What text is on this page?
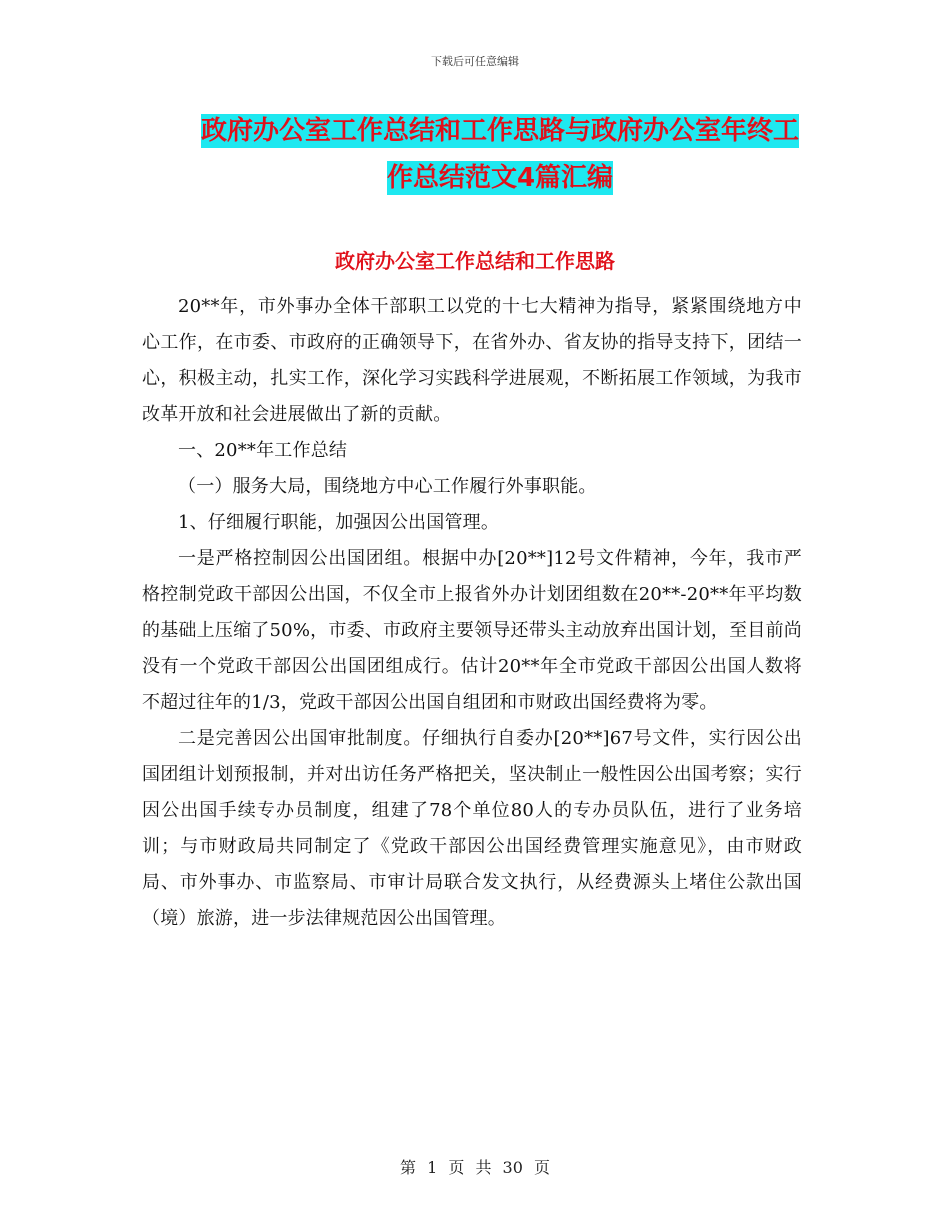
下载后可任意编辑
政府办公室工作总结和工作思路与政府办公室年终工
作总结范文4篇汇编
政府办公室工作总结和工作思路

20**年，市外事办全体干部职工以党的十七大精神为指导，紧紧围绕地方中心工作，在市委、市政府的正确领导下，在省外办、省友协的指导支持下，团结一心，积极主动，扎实工作，深化学习实践科学进展观，不断拓展工作领域，为我市改革开放和社会进展做出了新的贡献。

一、20**年工作总结

（一）服务大局，围绕地方中心工作履行外事职能。

1、仔细履行职能，加强因公出国管理。

一是严格控制因公出国团组。根据中办[20**]12号文件精神，今年，我市严格控制党政干部因公出国，不仅全市上报省外办计划团组数在20**-20**年平均数的基础上压缩了50%，市委、市政府主要领导还带头主动放弃出国计划，至目前尚没有一个党政干部因公出国团组成行。估计20**年全市党政干部因公出国人数将不超过往年的1/3，党政干部因公出国自组团和市财政出国经费将为零。

二是完善因公出国审批制度。仔细执行自委办[20**]67号文件，实行因公出国团组计划预报制，并对出访任务严格把关，坚决制止一般性因公出国考察；实行因公出国手续专办员制度，组建了78个单位80人的专办员队伍，进行了业务培训；与市财政局共同制定了《党政干部因公出国经费管理实施意见》，由市财政局、市外事办、市监察局、市审计局联合发文执行，从经费源头上堵住公款出国（境）旅游，进一步法律规范因公出国管理。

第 1 页 共 30 页
